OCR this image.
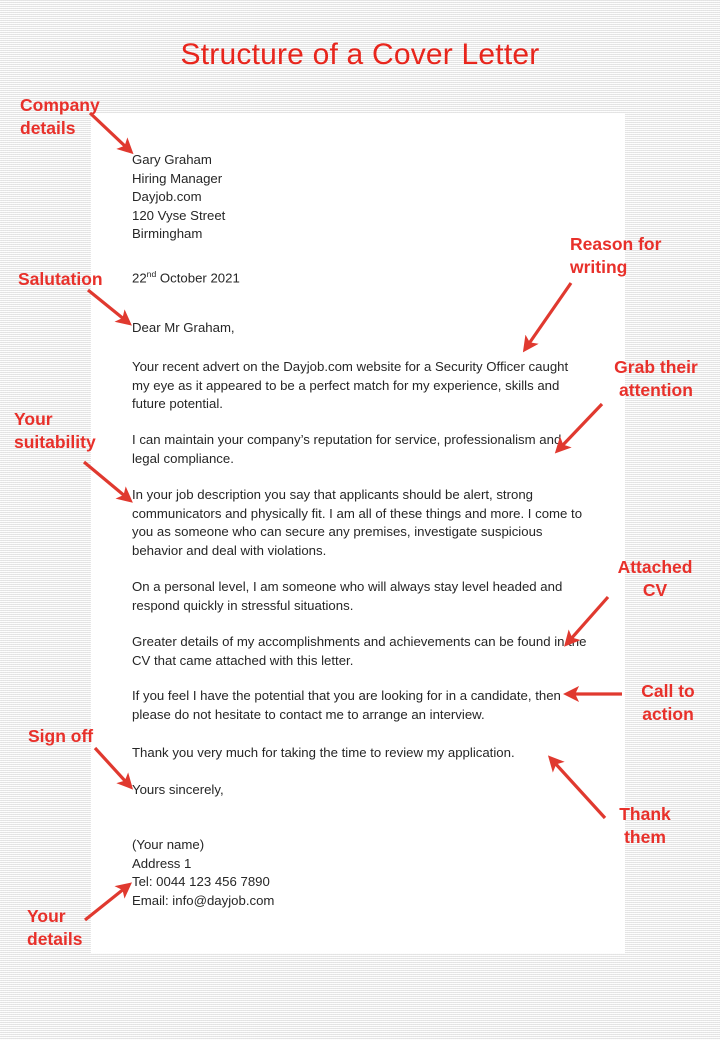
Structure of a Cover Letter
Gary Graham
Hiring Manager
Dayjob.com
120 Vyse Street
Birmingham
22nd October 2021
Dear Mr Graham,
Your recent advert on the Dayjob.com website for a Security Officer caught my eye as it appeared to be a perfect match for my experience, skills and future potential.
I can maintain your company’s reputation for service, professionalism and legal compliance.
In your job description you say that applicants should be alert, strong communicators and physically fit. I am all of these things and more. I come to you as someone who can secure any premises, investigate suspicious behavior and deal with violations.
On a personal level, I am someone who will always stay level headed and respond quickly in stressful situations.
Greater details of my accomplishments and achievements can be found in the CV that came attached with this letter.
If you feel I have the potential that you are looking for in a candidate, then please do not hesitate to contact me to arrange an interview.
Thank you very much for taking the time to review my application.
Yours sincerely,
(Your name)
Address 1
Tel: 0044 123 456 7890
Email: info@dayjob.com
Company
details
Salutation
Your
suitability
Sign off
Your
details
Reason for
writing
Grab their
attention
Attached
CV
Call to
action
Thank
them
